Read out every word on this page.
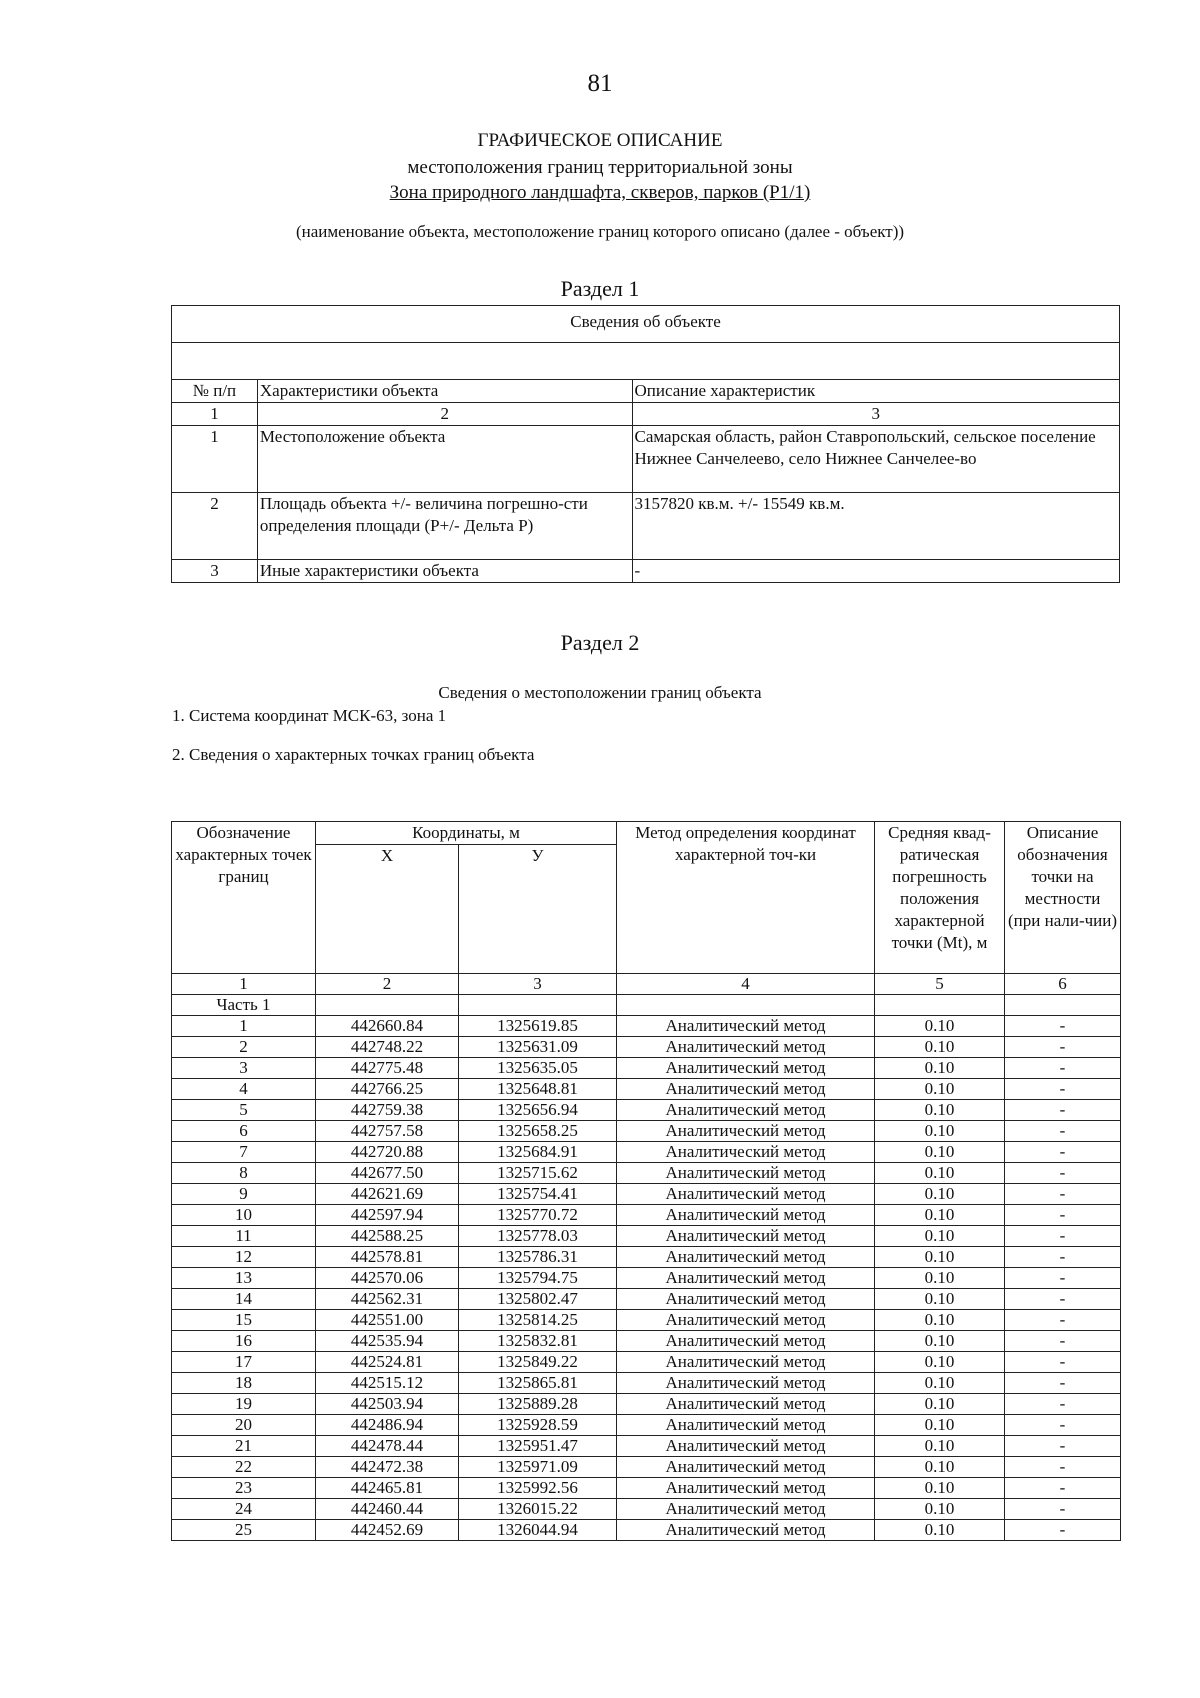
81
ГРАФИЧЕСКОЕ ОПИСАНИЕ
местоположения границ территориальной зоны
Зона природного ландшафта, скверов, парков (Р1/1)
(наименование объекта, местоположение границ которого описано (далее - объект))
Раздел 1
Сведения об объекте		

№ п/п	Характеристики объекта	Описание характеристик
1	2	3
1	Местоположение объекта	Самарская область, район Ставропольский, сельское поселение Нижнее Санчелеево, село Нижнее Санчелее-во
2	Площадь объекта +/- величина погрешно-сти определения площади (Р+/- Дельта Р)	3157820 кв.м. +/- 15549 кв.м.
3	Иные характеристики объекта	-
Раздел 2
Сведения о местоположении границ объекта
1. Система координат МСК-63, зона 1
2. Сведения о характерных точках границ объекта
Обозначение характерных точек границ	Координаты, м		Метод определения координат характерной точ-ки	Средняя квад-ратическая погрешность положения характерной точки (Мt), м	Описание обозначения точки на местности (при нали-чии)
	X	У			
1	2	3	4	5	6
Часть 1					
1	442660.84	1325619.85	Аналитический метод	0.10	-
2	442748.22	1325631.09	Аналитический метод	0.10	-
3	442775.48	1325635.05	Аналитический метод	0.10	-
4	442766.25	1325648.81	Аналитический метод	0.10	-
5	442759.38	1325656.94	Аналитический метод	0.10	-
6	442757.58	1325658.25	Аналитический метод	0.10	-
7	442720.88	1325684.91	Аналитический метод	0.10	-
8	442677.50	1325715.62	Аналитический метод	0.10	-
9	442621.69	1325754.41	Аналитический метод	0.10	-
10	442597.94	1325770.72	Аналитический метод	0.10	-
11	442588.25	1325778.03	Аналитический метод	0.10	-
12	442578.81	1325786.31	Аналитический метод	0.10	-
13	442570.06	1325794.75	Аналитический метод	0.10	-
14	442562.31	1325802.47	Аналитический метод	0.10	-
15	442551.00	1325814.25	Аналитический метод	0.10	-
16	442535.94	1325832.81	Аналитический метод	0.10	-
17	442524.81	1325849.22	Аналитический метод	0.10	-
18	442515.12	1325865.81	Аналитический метод	0.10	-
19	442503.94	1325889.28	Аналитический метод	0.10	-
20	442486.94	1325928.59	Аналитический метод	0.10	-
21	442478.44	1325951.47	Аналитический метод	0.10	-
22	442472.38	1325971.09	Аналитический метод	0.10	-
23	442465.81	1325992.56	Аналитический метод	0.10	-
24	442460.44	1326015.22	Аналитический метод	0.10	-
25	442452.69	1326044.94	Аналитический метод	0.10	-
